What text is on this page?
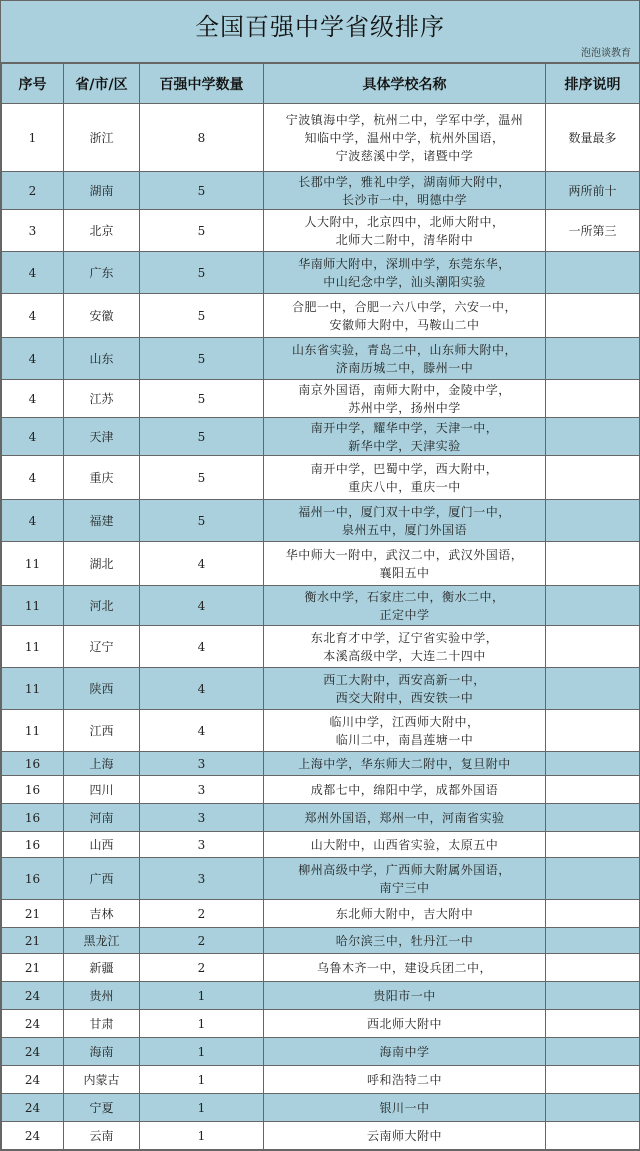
全国百强中学省级排序
泡泡谈教育
序号	省/市/区	百强中学数量	具体学校名称	排序说明
1	浙江	8	宁波镇海中学，杭州二中，学军中学，温州
知临中学，温州中学，杭州外国语，
宁波慈溪中学，诸暨中学	数量最多
2	湖南	5	长郡中学，雅礼中学，湖南师大附中，
长沙市一中，明德中学	两所前十
3	北京	5	人大附中，北京四中，北师大附中，
北师大二附中，清华附中	一所第三
4	广东	5	华南师大附中，深圳中学，东莞东华，
中山纪念中学，汕头潮阳实验	
4	安徽	5	合肥一中，合肥一六八中学，六安一中，
安徽师大附中，马鞍山二中	
4	山东	5	山东省实验，青岛二中，山东师大附中，
济南历城二中，滕州一中	
4	江苏	5	南京外国语，南师大附中，金陵中学，
苏州中学，扬州中学	
4	天津	5	南开中学，耀华中学，天津一中，
新华中学，天津实验	
4	重庆	5	南开中学，巴蜀中学，西大附中，
重庆八中，重庆一中	
4	福建	5	福州一中，厦门双十中学，厦门一中，
泉州五中，厦门外国语	
11	湖北	4	华中师大一附中，武汉二中，武汉外国语，
襄阳五中	
11	河北	4	衡水中学，石家庄二中，衡水二中，
正定中学	
11	辽宁	4	东北育才中学，辽宁省实验中学，
本溪高级中学，大连二十四中	
11	陕西	4	西工大附中，西安高新一中，
西交大附中，西安铁一中	
11	江西	4	临川中学，江西师大附中，
临川二中，南昌莲塘一中	
16	上海	3	上海中学，华东师大二附中，复旦附中	
16	四川	3	成都七中，绵阳中学，成都外国语	
16	河南	3	郑州外国语，郑州一中，河南省实验	
16	山西	3	山大附中，山西省实验，太原五中	
16	广西	3	柳州高级中学，广西师大附属外国语，
南宁三中	
21	吉林	2	东北师大附中，吉大附中	
21	黑龙江	2	哈尔滨三中，牡丹江一中	
21	新疆	2	乌鲁木齐一中，建设兵团二中，	
24	贵州	1	贵阳市一中	
24	甘肃	1	西北师大附中	
24	海南	1	海南中学	
24	内蒙古	1	呼和浩特二中	
24	宁夏	1	银川一中	
24	云南	1	云南师大附中	
